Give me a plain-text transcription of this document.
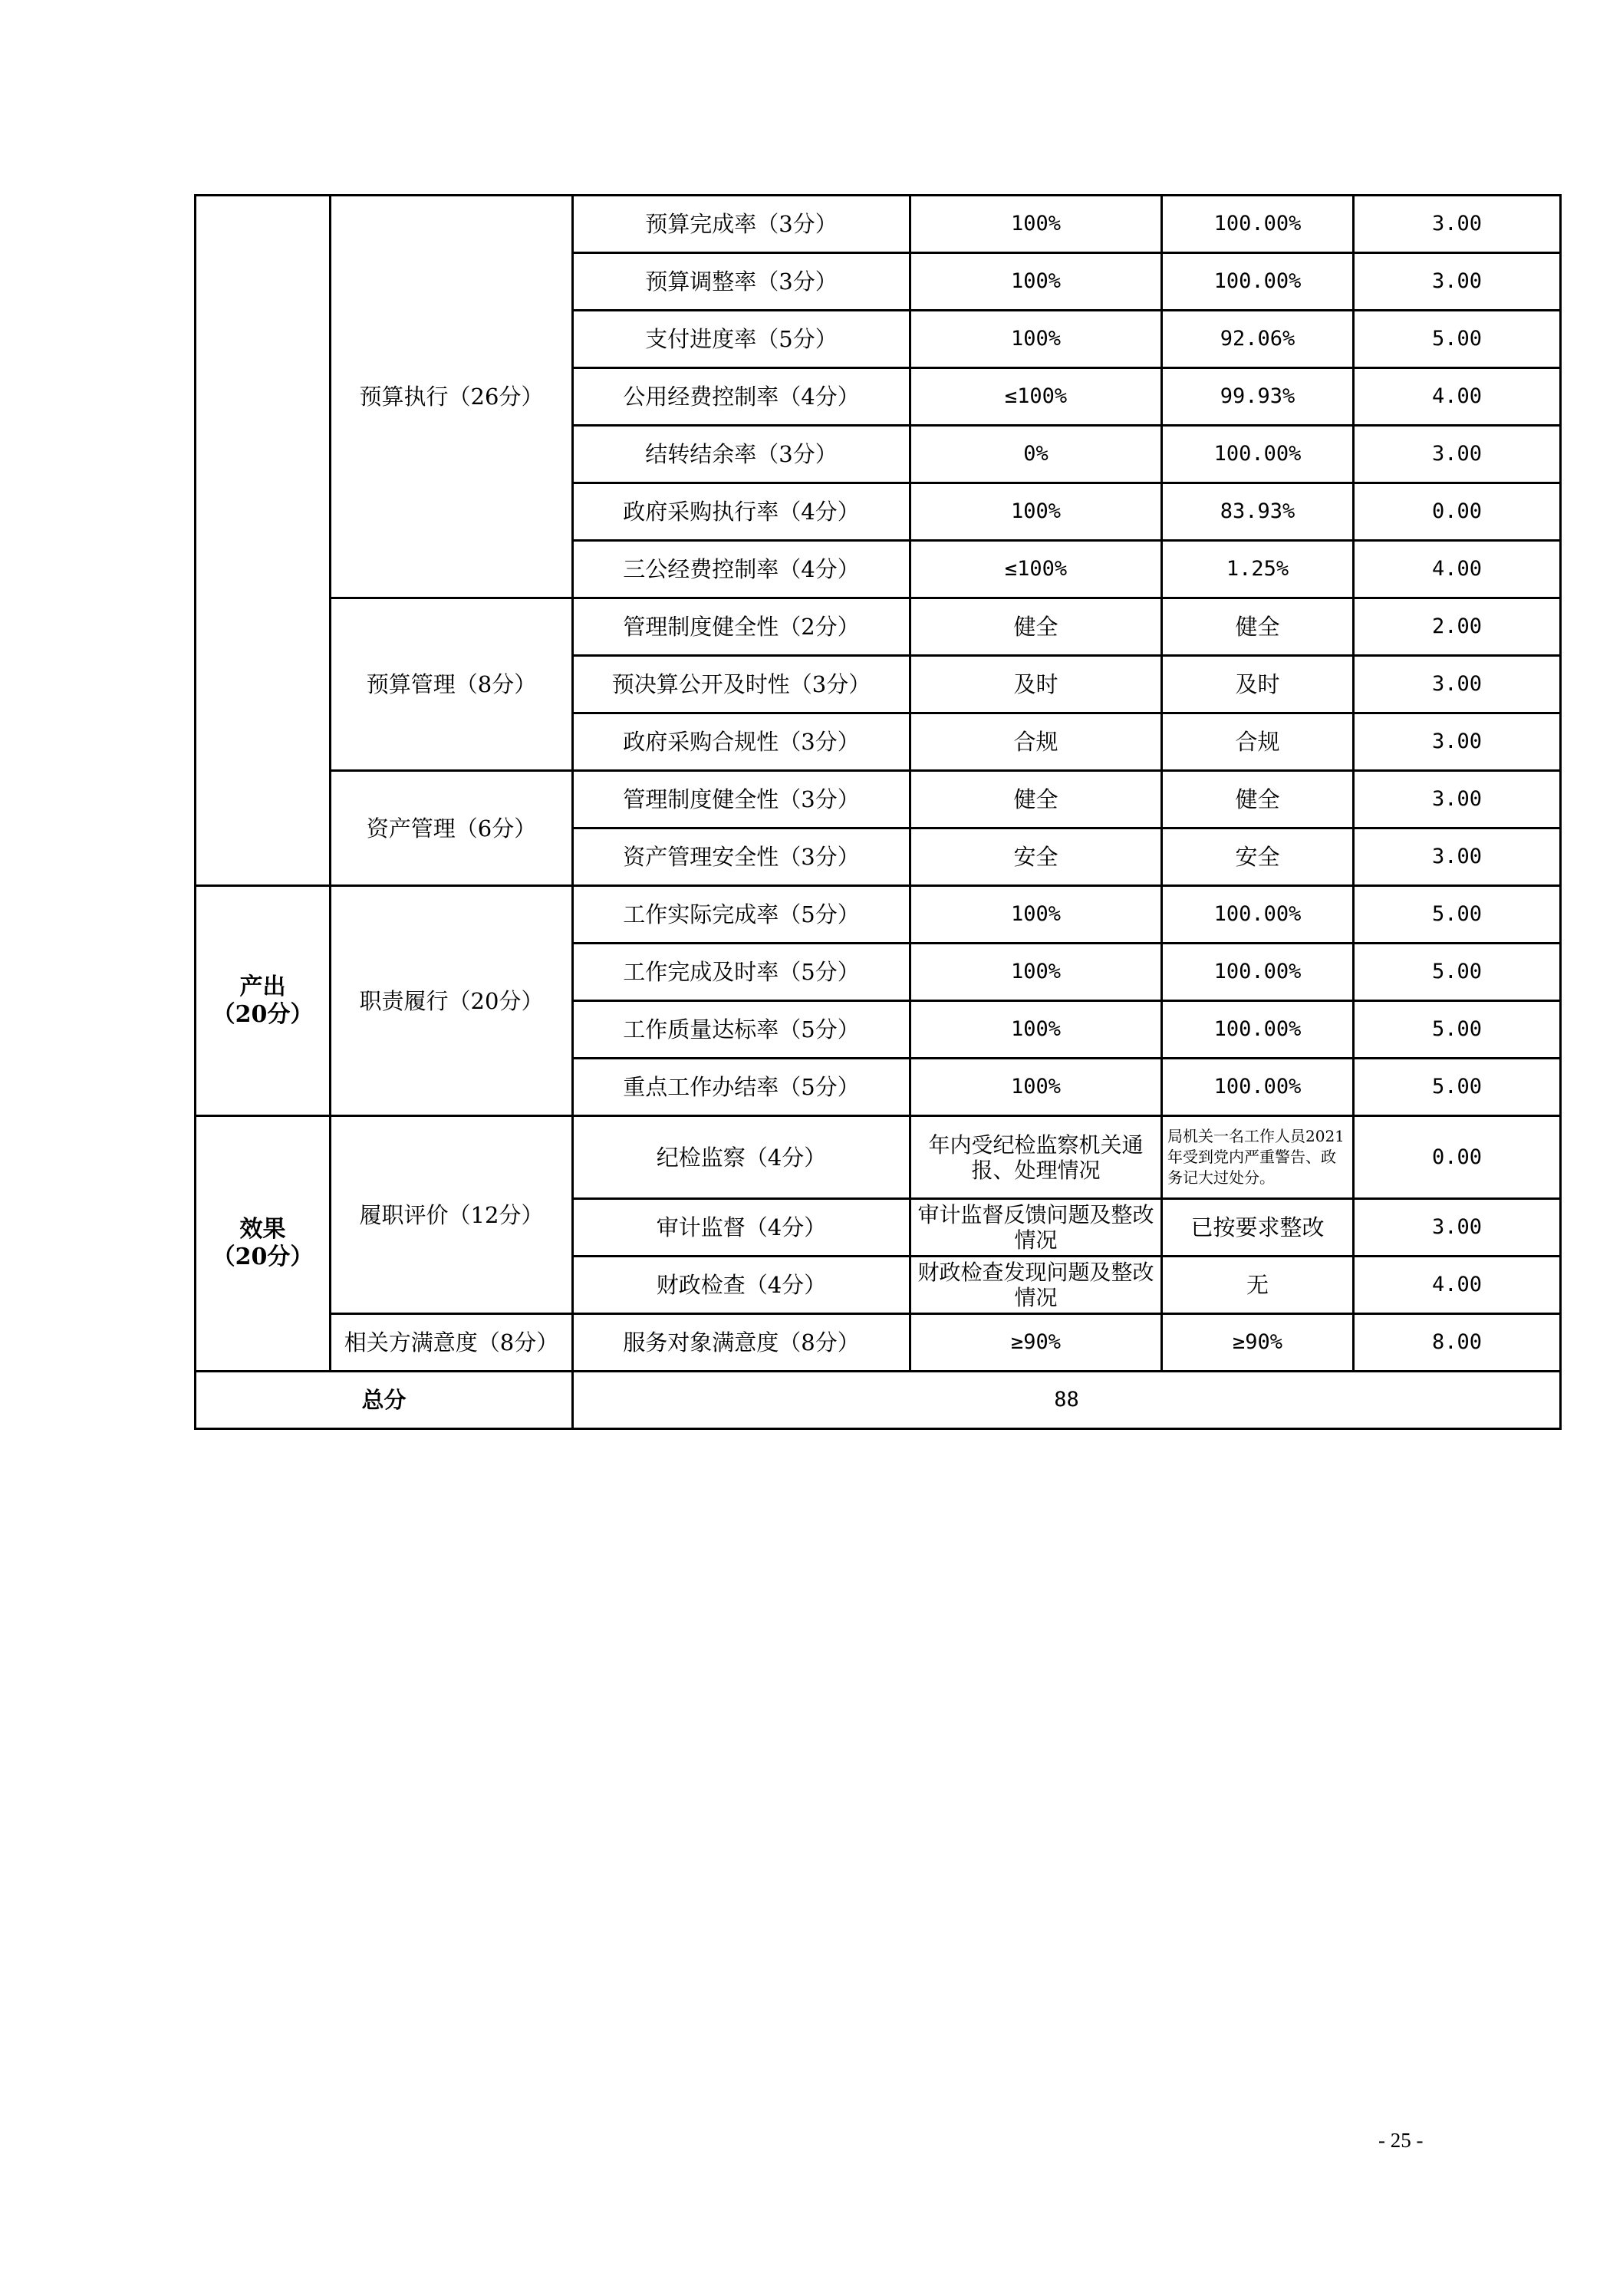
	预算执行（26分）	预算完成率（3分）	100%	100.00%	3.00
		预算调整率（3分）	100%	100.00%	3.00
		支付进度率（5分）	100%	92.06%	5.00
		公用经费控制率（4分）	≤100%	99.93%	4.00
		结转结余率（3分）	0%	100.00%	3.00
		政府采购执行率（4分）	100%	83.93%	0.00
		三公经费控制率（4分）	≤100%	1.25%	4.00
	预算管理（8分）	管理制度健全性（2分）	健全	健全	2.00
		预决算公开及时性（3分）	及时	及时	3.00
		政府采购合规性（3分）	合规	合规	3.00
	资产管理（6分）	管理制度健全性（3分）	健全	健全	3.00
		资产管理安全性（3分）	安全	安全	3.00

产出
（20分）	职责履行（20分）	工作实际完成率（5分）	100%	100.00%	5.00
		工作完成及时率（5分）	100%	100.00%	5.00
		工作质量达标率（5分）	100%	100.00%	5.00
		重点工作办结率（5分）	100%	100.00%	5.00

效果
（20分）	履职评价（12分）	纪检监察（4分）	年内受纪检监察机关通报、处理情况	局机关一名工作人员2021年受到党内严重警告、政务记大过处分。	0.00
		审计监督（4分）	审计监督反馈问题及整改情况	已按要求整改	3.00
		财政检查（4分）	财政检查发现问题及整改情况	无	4.00
	相关方满意度（8分）	服务对象满意度（8分）	≥90%	≥90%	8.00
总分		88			
- 25 -
